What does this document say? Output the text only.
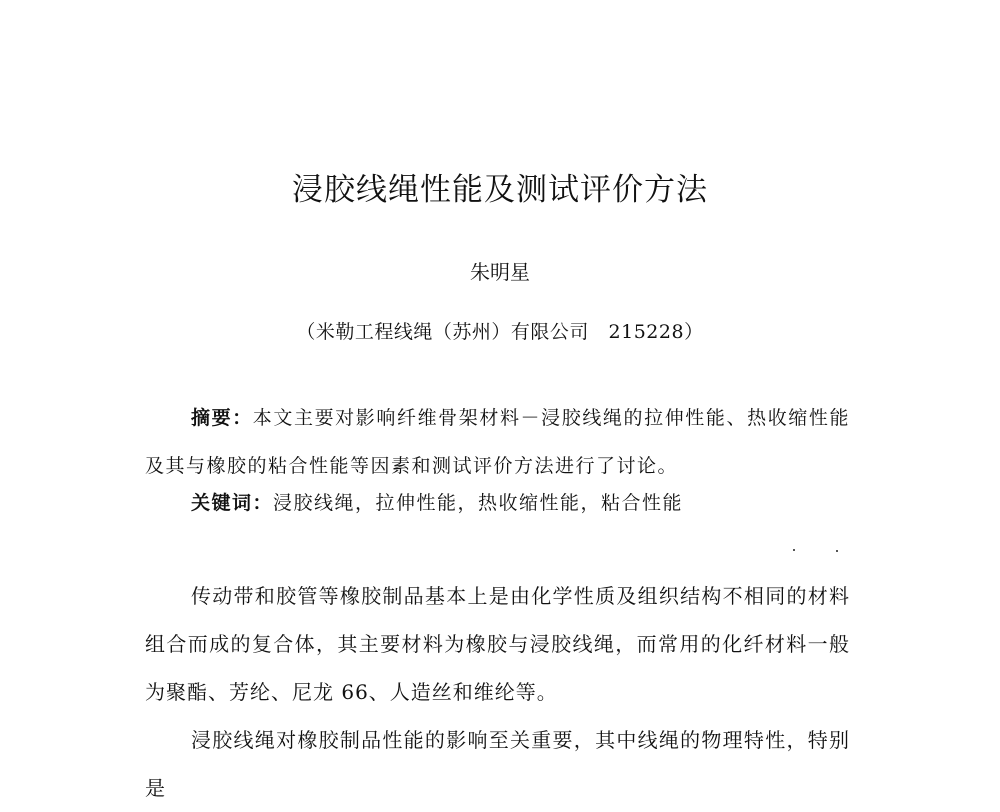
浸胶线绳性能及测试评价方法
朱明星
（米勒工程线绳（苏州）有限公司   215228）
摘要：本文主要对影响纤维骨架材料－浸胶线绳的拉伸性能、热收缩性能及其与橡胶的粘合性能等因素和测试评价方法进行了讨论。
关键词：浸胶线绳，拉伸性能，热收缩性能，粘合性能

传动带和胶管等橡胶制品基本上是由化学性质及组织结构不相同的材料组合而成的复合体，其主要材料为橡胶与浸胶线绳，而常用的化纤材料一般为聚酯、芳纶、尼龙 66、人造丝和维纶等。

浸胶线绳对橡胶制品性能的影响至关重要，其中线绳的物理特性，特别是
